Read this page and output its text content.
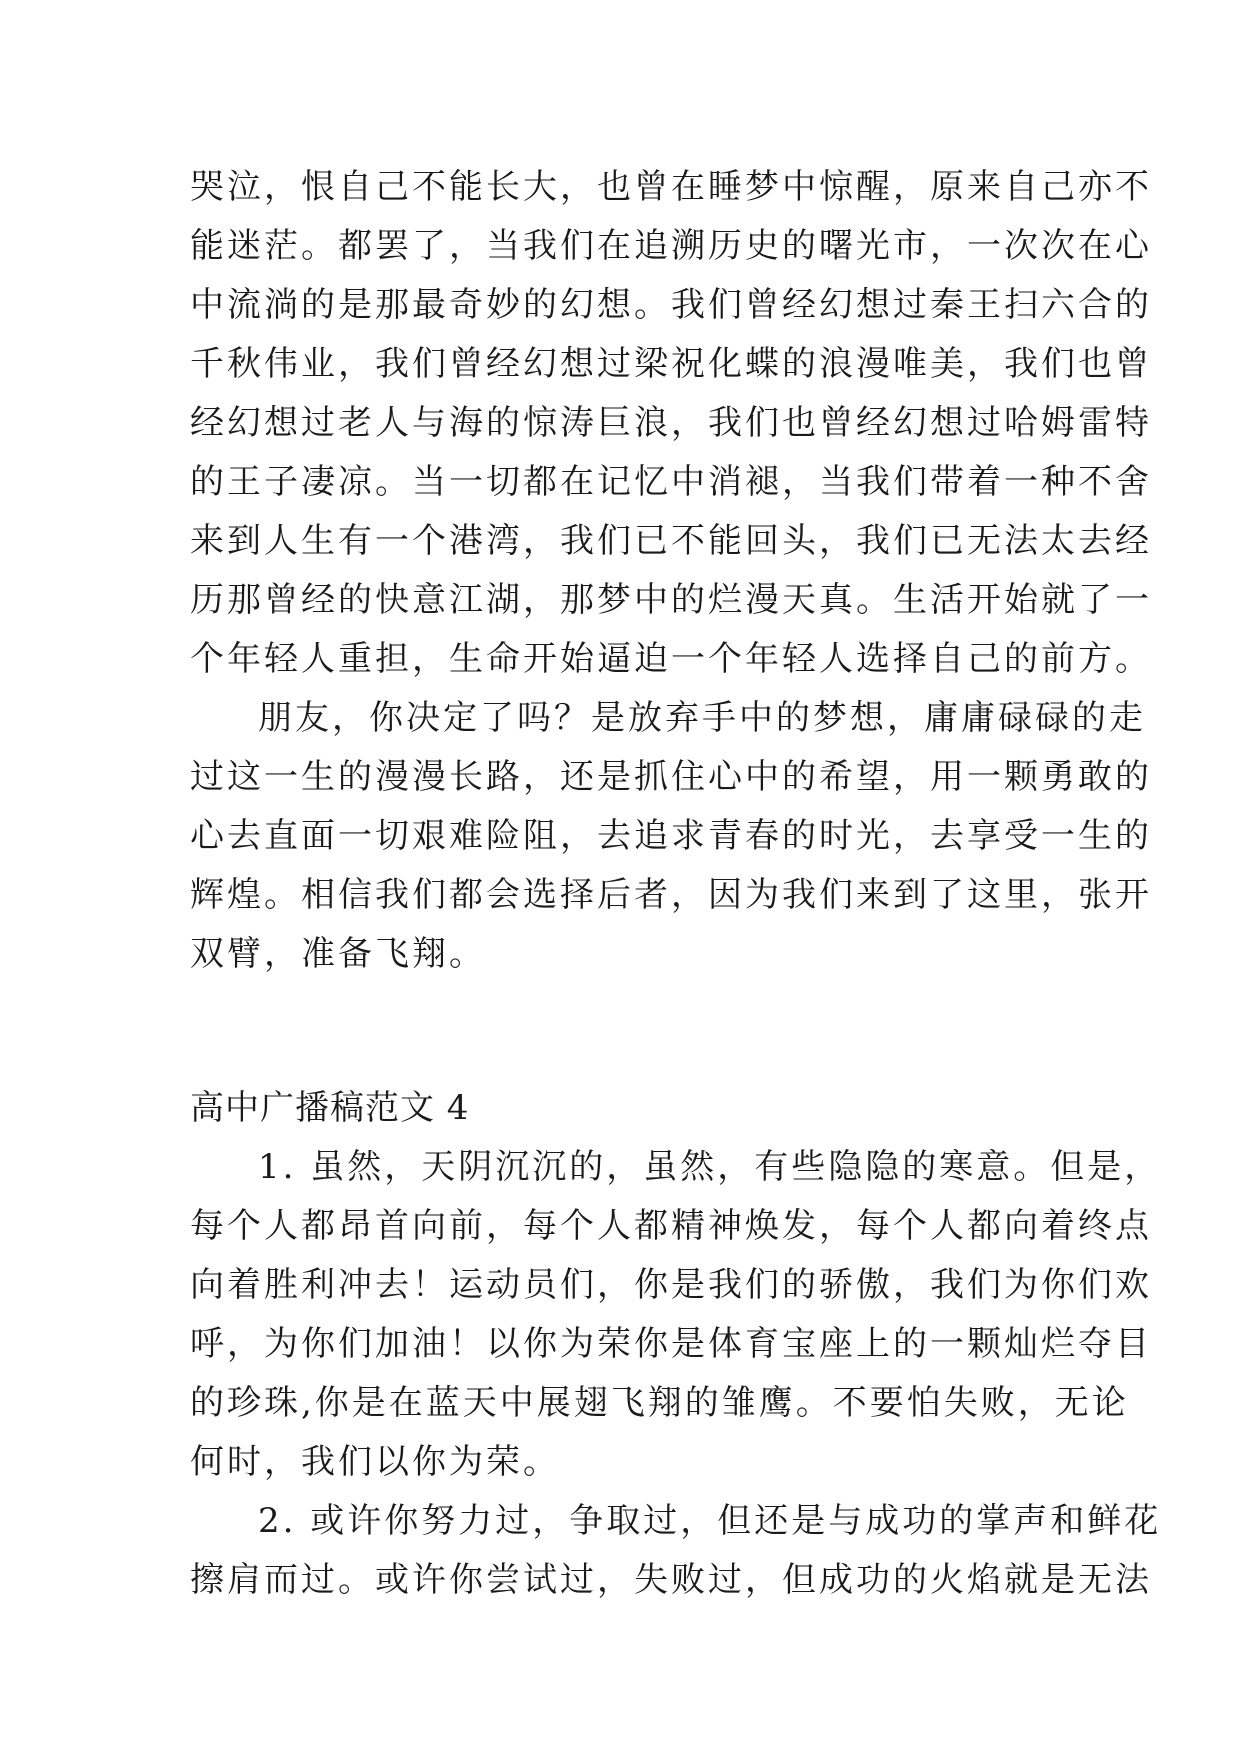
哭泣，恨自己不能长大，也曾在睡梦中惊醒，原来自己亦不
能迷茫。都罢了，当我们在追溯历史的曙光市，一次次在心
中流淌的是那最奇妙的幻想。我们曾经幻想过秦王扫六合的
千秋伟业，我们曾经幻想过梁祝化蝶的浪漫唯美，我们也曾
经幻想过老人与海的惊涛巨浪，我们也曾经幻想过哈姆雷特
的王子凄凉。当一切都在记忆中消褪，当我们带着一种不舍
来到人生有一个港湾，我们已不能回头，我们已无法太去经
历那曾经的快意江湖，那梦中的烂漫天真。生活开始就了一
个年轻人重担，生命开始逼迫一个年轻人选择自己的前方。
朋友，你决定了吗？是放弃手中的梦想，庸庸碌碌的走
过这一生的漫漫长路，还是抓住心中的希望，用一颗勇敢的
心去直面一切艰难险阻，去追求青春的时光，去享受一生的
辉煌。相信我们都会选择后者，因为我们来到了这里，张开
双臂，准备飞翔。
高中广播稿范文 4
1. 虽然，天阴沉沉的，虽然，有些隐隐的寒意。但是，
每个人都昂首向前，每个人都精神焕发，每个人都向着终点
向着胜利冲去！运动员们，你是我们的骄傲，我们为你们欢
呼，为你们加油！以你为荣你是体育宝座上的一颗灿烂夺目
的珍珠,你是在蓝天中展翅飞翔的雏鹰。不要怕失败，无论
何时，我们以你为荣。
2. 或许你努力过，争取过，但还是与成功的掌声和鲜花
擦肩而过。或许你尝试过，失败过，但成功的火焰就是无法
